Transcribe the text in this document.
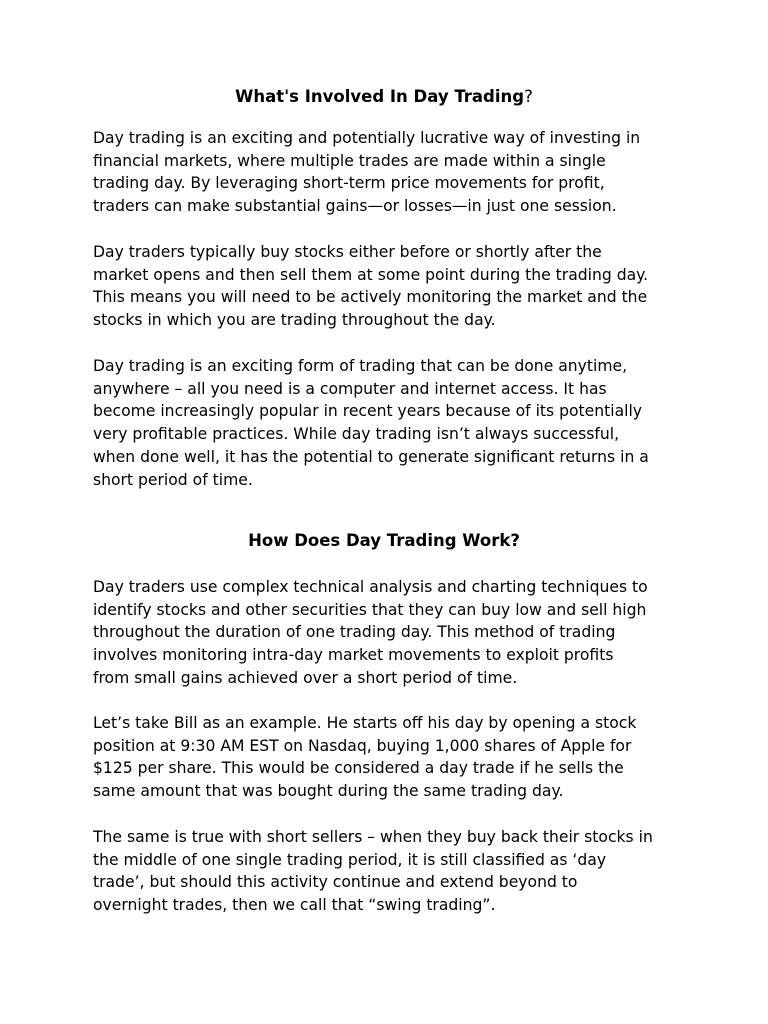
What's Involved In Day Trading?

Day trading is an exciting and potentially lucrative way of investing in
financial markets, where multiple trades are made within a single
trading day. By leveraging short-term price movements for profit,
traders can make substantial gains—or losses—in just one session.

Day traders typically buy stocks either before or shortly after the
market opens and then sell them at some point during the trading day.
This means you will need to be actively monitoring the market and the
stocks in which you are trading throughout the day.

Day trading is an exciting form of trading that can be done anytime,
anywhere – all you need is a computer and internet access. It has
become increasingly popular in recent years because of its potentially
very profitable practices. While day trading isn’t always successful,
when done well, it has the potential to generate significant returns in a
short period of time.

How Does Day Trading Work?

Day traders use complex technical analysis and charting techniques to
identify stocks and other securities that they can buy low and sell high
throughout the duration of one trading day. This method of trading
involves monitoring intra-day market movements to exploit profits
from small gains achieved over a short period of time.

Let’s take Bill as an example. He starts off his day by opening a stock
position at 9:30 AM EST on Nasdaq, buying 1,000 shares of Apple for
$125 per share. This would be considered a day trade if he sells the
same amount that was bought during the same trading day.

The same is true with short sellers – when they buy back their stocks in
the middle of one single trading period, it is still classified as ‘day
trade’, but should this activity continue and extend beyond to
overnight trades, then we call that “swing trading”.
